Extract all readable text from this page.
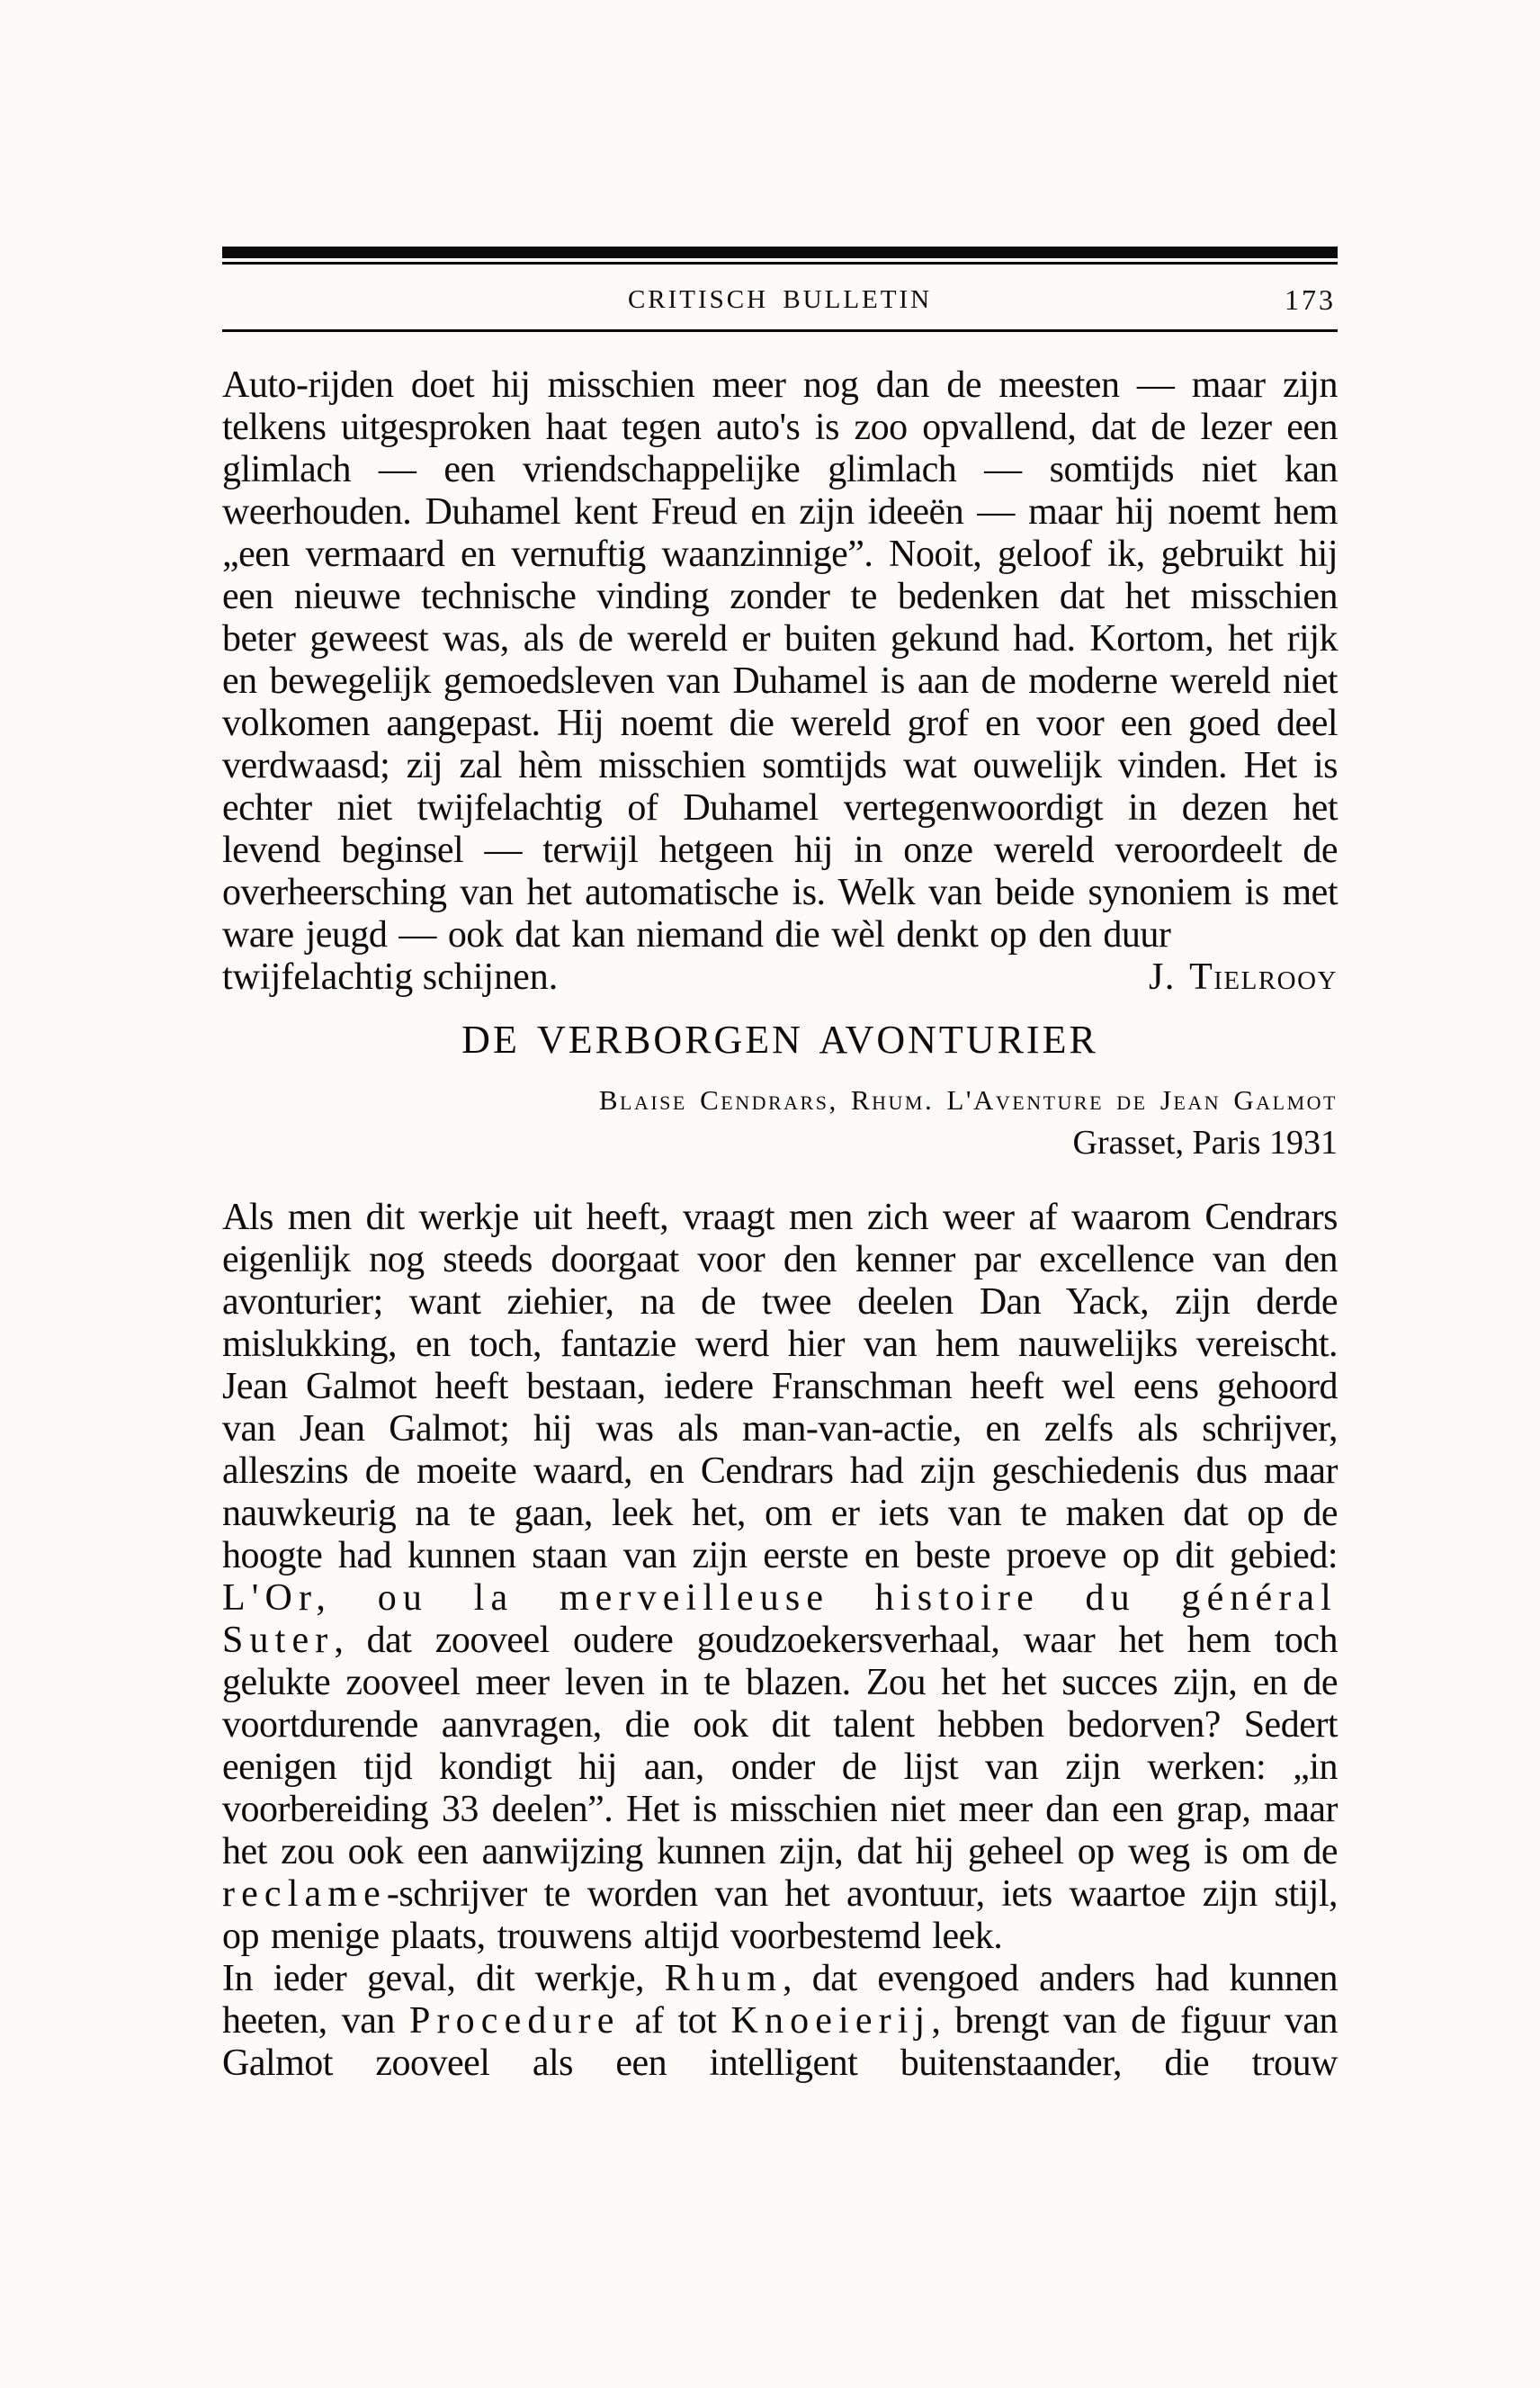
CRITISCH BULLETIN	173

Auto-rijden doet hij misschien meer nog dan de meesten — maar zijn telkens uitgesproken haat tegen auto's is zoo opvallend, dat de lezer een glimlach — een vriendschappelijke glimlach — somtijds niet kan weerhouden. Duhamel kent Freud en zijn ideeën — maar hij noemt hem „een vermaard en vernuftig waanzinnige”. Nooit, geloof ik, gebruikt hij een nieuwe technische vinding zonder te bedenken dat het misschien beter geweest was, als de wereld er buiten gekund had. Kortom, het rijk en bewegelijk gemoedsleven van Duhamel is aan de moderne wereld niet volkomen aangepast. Hij noemt die wereld grof en voor een goed deel verdwaasd; zij zal hèm misschien somtijds wat ouwelijk vinden. Het is echter niet twijfelachtig of Duhamel vertegenwoordigt in dezen het levend beginsel — terwijl hetgeen hij in onze wereld veroordeelt de overheersching van het automatische is. Welk van beide synoniem is met ware jeugd — ook dat kan niemand die wèl denkt op den duur

twijfelachtig schijnen.	J. Tielrooy
DE VERBORGEN AVONTURIER
Blaise Cendrars, Rhum. L'Aventure de Jean Galmot
Grasset, Paris 1931

Als men dit werkje uit heeft, vraagt men zich weer af waarom Cendrars eigenlijk nog steeds doorgaat voor den kenner par excellence van den avonturier; want ziehier, na de twee deelen Dan Yack, zijn derde mislukking, en toch, fantazie werd hier van hem nauwelijks vereischt. Jean Galmot heeft bestaan, iedere Franschman heeft wel eens gehoord van Jean Galmot; hij was als man-van-actie, en zelfs als schrijver, alleszins de moeite waard, en Cendrars had zijn geschiedenis dus maar nauwkeurig na te gaan, leek het, om er iets van te maken dat op de hoogte had kunnen staan van zijn eerste en beste proeve op dit gebied: L'Or, ou la merveilleuse histoire du général Suter, dat zooveel oudere goudzoekersverhaal, waar het hem toch gelukte zooveel meer leven in te blazen. Zou het het succes zijn, en de voortdurende aanvragen, die ook dit talent hebben bedorven? Sedert eenigen tijd kondigt hij aan, onder de lijst van zijn werken: „in voorbereiding 33 deelen”. Het is misschien niet meer dan een grap, maar het zou ook een aanwijzing kunnen zijn, dat hij geheel op weg is om de reclame-schrijver te worden van het avontuur, iets waartoe zijn stijl, op menige plaats, trouwens altijd voorbestemd leek.

In ieder geval, dit werkje, Rhum, dat evengoed anders had kunnen heeten, van Procedure af tot Knoeierij, brengt van de figuur van Galmot zooveel als een intelligent buitenstaander, die trouw
